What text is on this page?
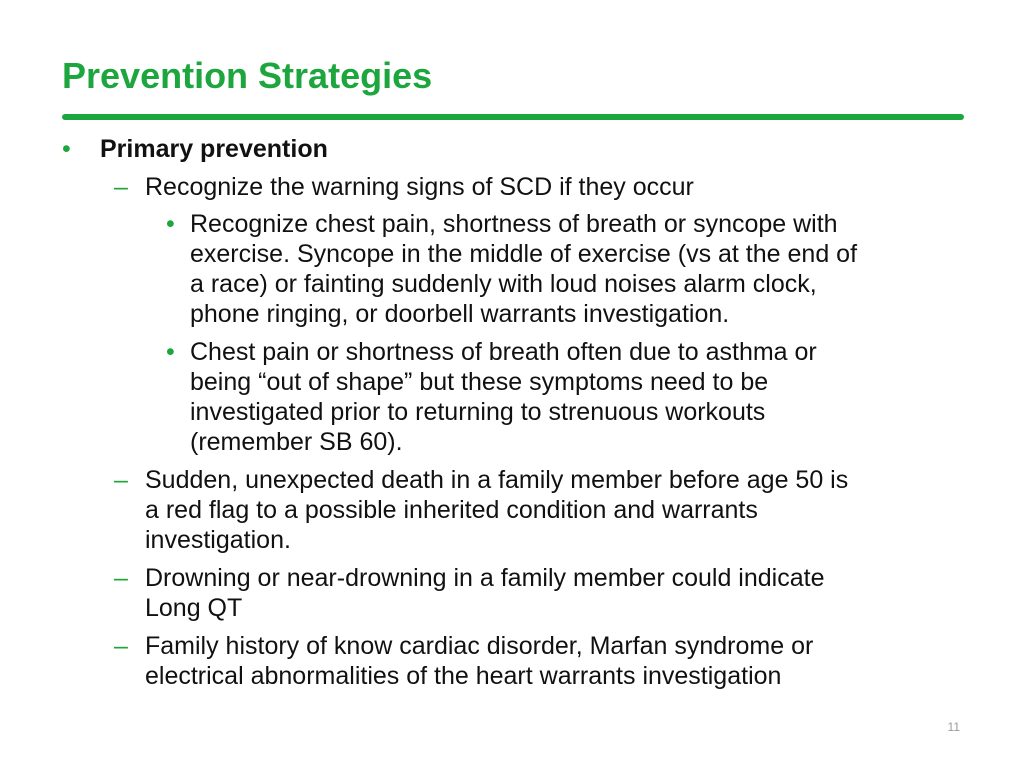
Prevention Strategies
• Primary prevention
– Recognize the warning signs of SCD if they occur
• Recognize chest pain, shortness of breath or syncope with
exercise. Syncope in the middle of exercise (vs at the end of
a race) or fainting suddenly with loud noises alarm clock,
phone ringing, or doorbell warrants investigation.
• Chest pain or shortness of breath often due to asthma or
being “out of shape” but these symptoms need to be
investigated prior to returning to strenuous workouts
(remember SB 60).
– Sudden, unexpected death in a family member before age 50 is
a red flag to a possible inherited condition and warrants
investigation.
– Drowning or near-drowning in a family member could indicate
Long QT
– Family history of know cardiac disorder, Marfan syndrome or
electrical abnormalities of the heart warrants investigation
11
